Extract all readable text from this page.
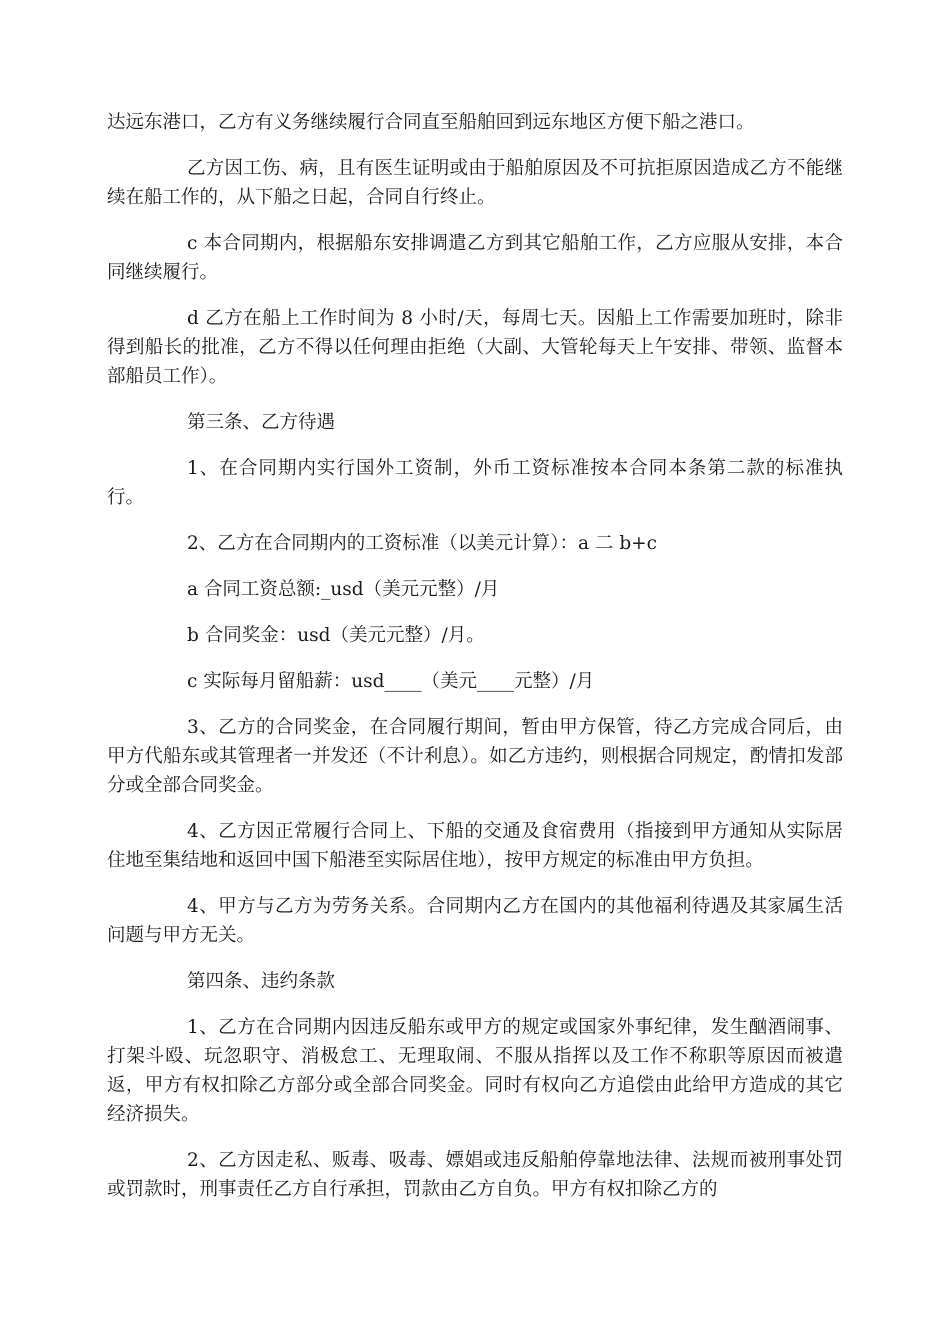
达远东港口，乙方有义务继续履行合同直至船舶回到远东地区方便下船之港口。

乙方因工伤、病，且有医生证明或由于船舶原因及不可抗拒原因造成乙方不能继续在船工作的，从下船之日起，合同自行终止。

c 本合同期内，根据船东安排调遣乙方到其它船舶工作，乙方应服从安排，本合同继续履行。

d 乙方在船上工作时间为 8 小时/天，每周七天。因船上工作需要加班时，除非得到船长的批准，乙方不得以任何理由拒绝（大副、大管轮每天上午安排、带领、监督本部船员工作）。

第三条、乙方待遇

1、在合同期内实行国外工资制，外币工资标准按本合同本条第二款的标准执行。

2、乙方在合同期内的工资标准（以美元计算）：a 二 b+c

a 合同工资总额:_usd（美元元整）/月

b 合同奖金：usd（美元元整）/月。

c 实际每月留船薪：usd____（美元____元整）/月

3、乙方的合同奖金，在合同履行期间，暂由甲方保管，待乙方完成合同后，由甲方代船东或其管理者一并发还（不计利息）。如乙方违约，则根据合同规定，酌情扣发部分或全部合同奖金。

4、乙方因正常履行合同上、下船的交通及食宿费用（指接到甲方通知从实际居住地至集结地和返回中国下船港至实际居住地），按甲方规定的标准由甲方负担。

4、甲方与乙方为劳务关系。合同期内乙方在国内的其他福利待遇及其家属生活问题与甲方无关。

第四条、违约条款

1、乙方在合同期内因违反船东或甲方的规定或国家外事纪律，发生酗酒闹事、打架斗殴、玩忽职守、消极怠工、无理取闹、不服从指挥以及工作不称职等原因而被遣返，甲方有权扣除乙方部分或全部合同奖金。同时有权向乙方追偿由此给甲方造成的其它经济损失。

2、乙方因走私、贩毒、吸毒、嫖娼或违反船舶停靠地法律、法规而被刑事处罚或罚款时，刑事责任乙方自行承担，罚款由乙方自负。甲方有权扣除乙方的
